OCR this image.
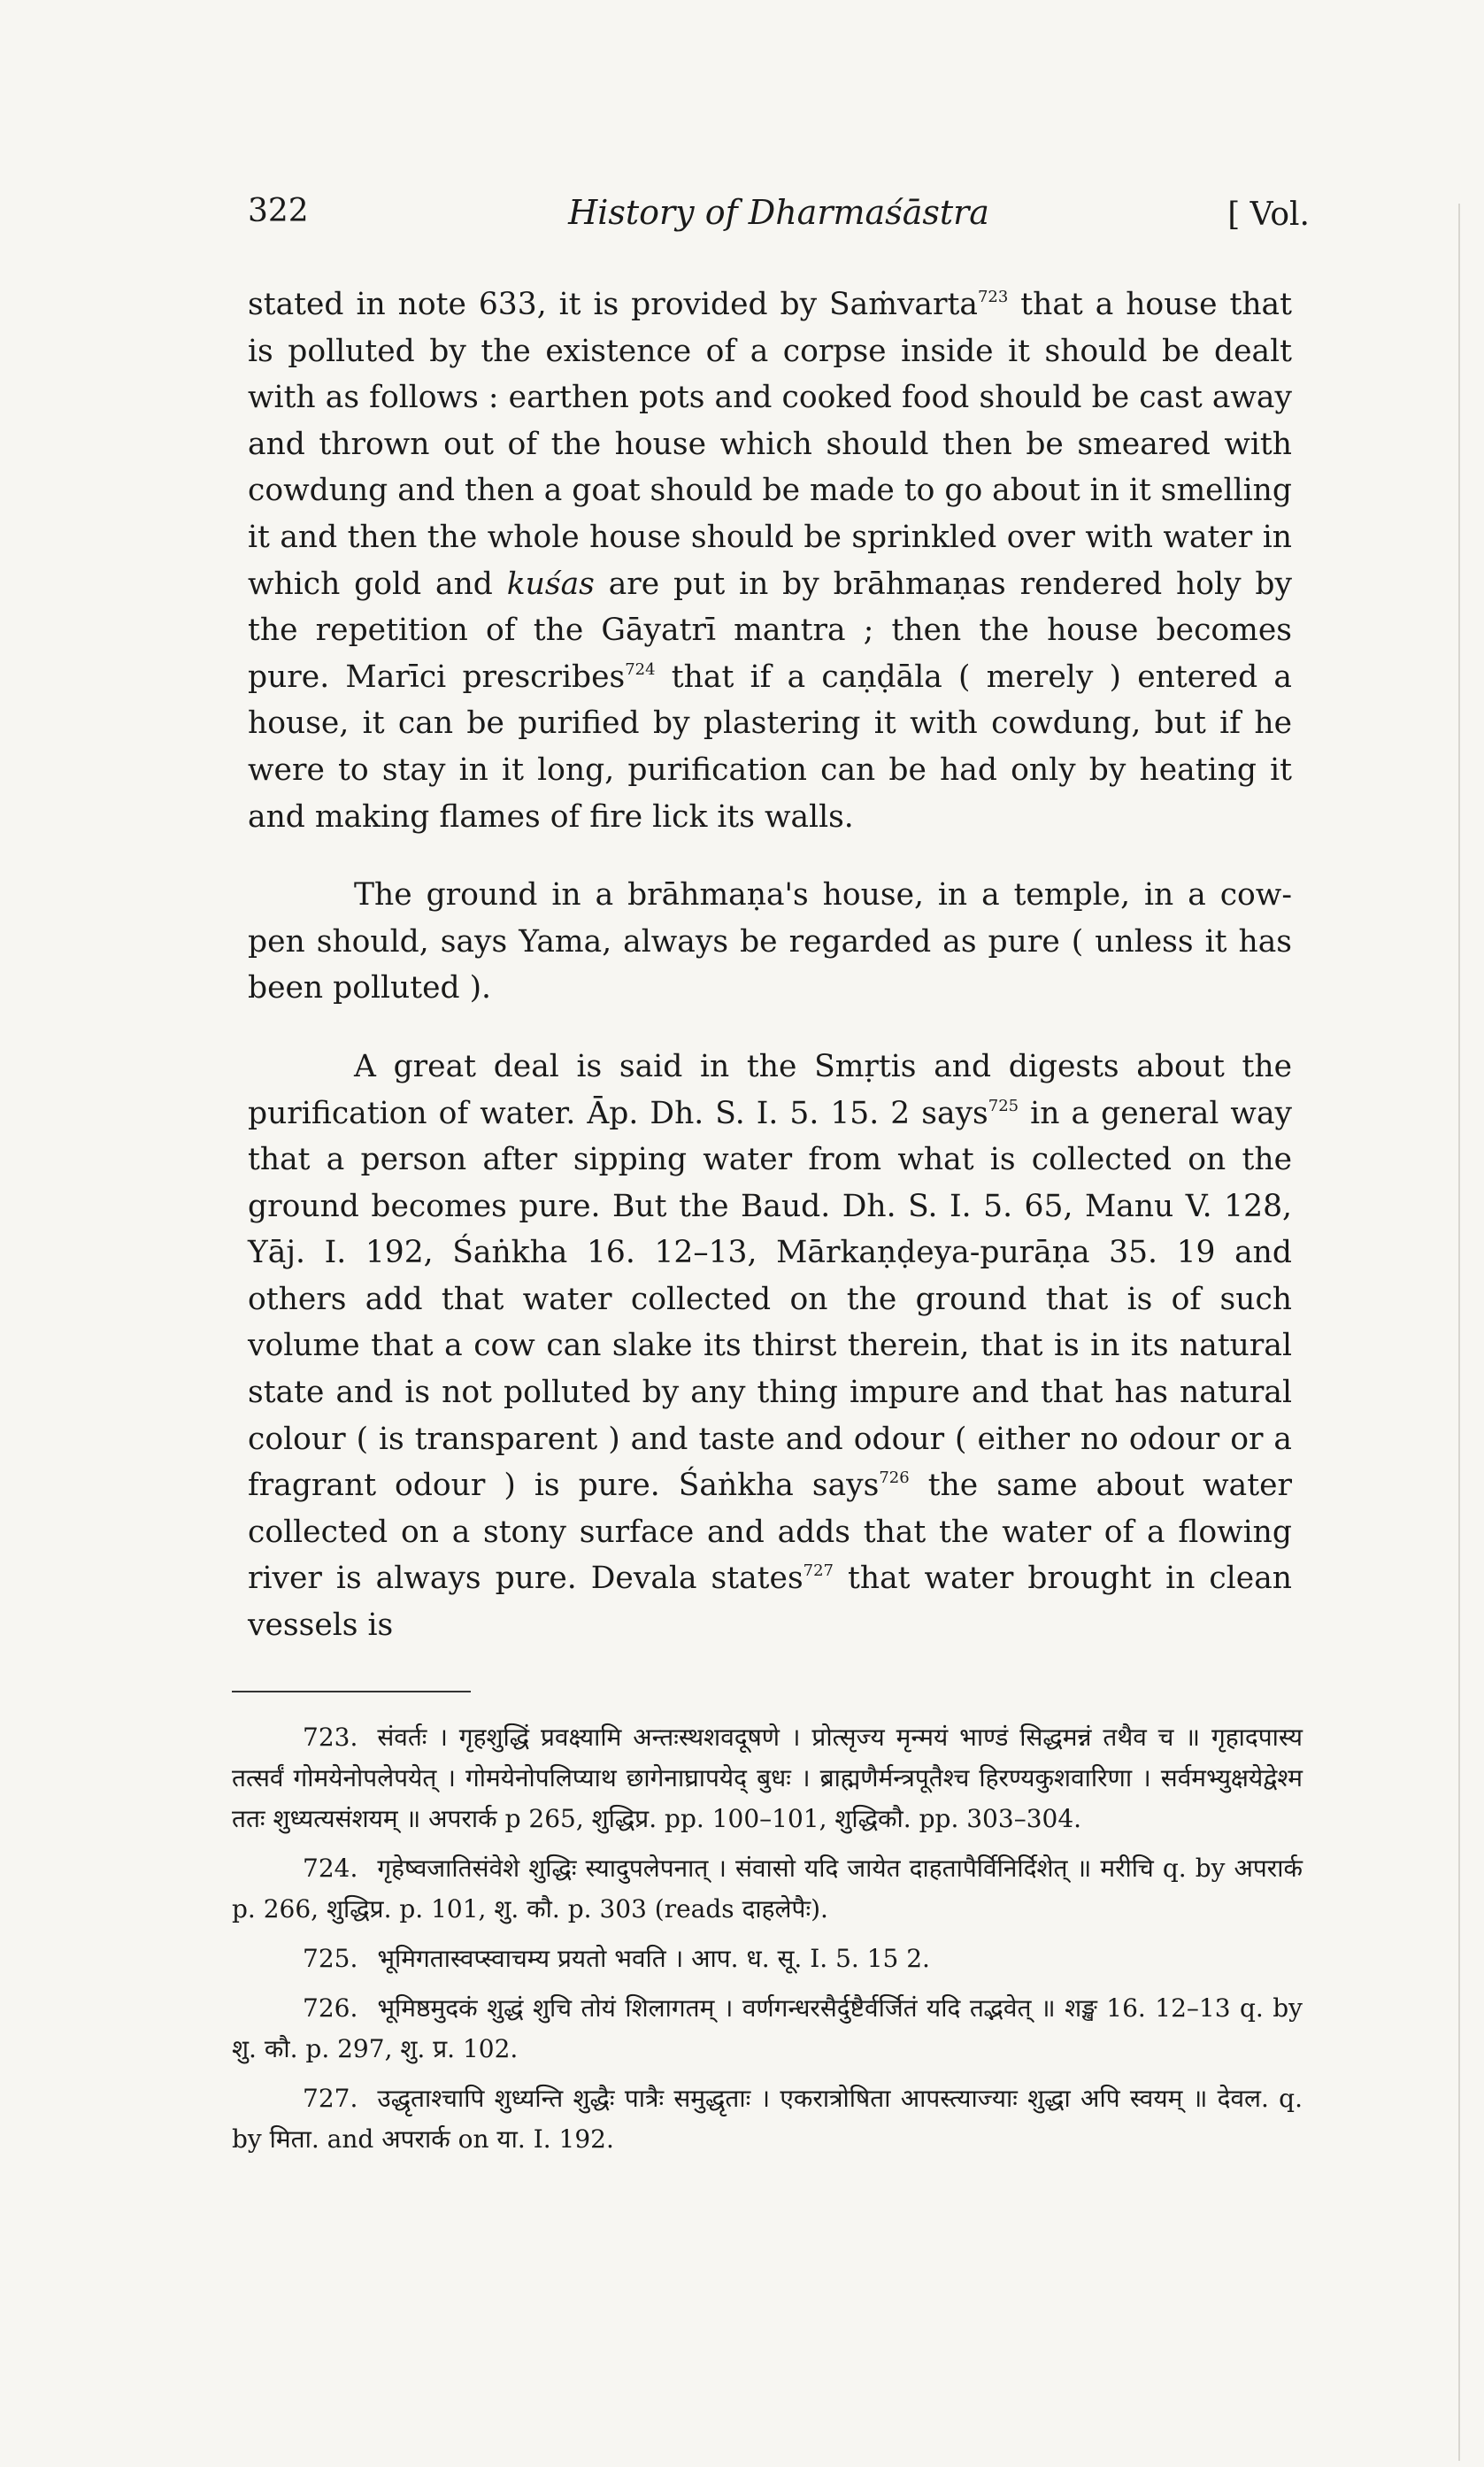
322	History of Dharmaśāstra	[ Vol.

stated in note 633, it is provided by Saṁvarta$^{723}$ that a house that is polluted by the existence of a corpse inside it should be dealt with as follows : earthen pots and cooked food should be cast away and thrown out of the house which should then be smeared with cowdung and then a goat should be made to go about in it smelling it and then the whole house should be sprinkled over with water in which gold and kuśas are put in by brāhmaṇas rendered holy by the repetition of the Gāyatrī mantra ; then the house becomes pure. Marīci prescribes$^{724}$ that if a caṇḍāla ( merely ) entered a house, it can be purified by plastering it with cowdung, but if he were to stay in it long, purification can be had only by heating it and making flames of fire lick its walls.

The ground in a brāhmaṇa's house, in a temple, in a cow-pen should, says Yama, always be regarded as pure ( unless it has been polluted ).

A great deal is said in the Smṛtis and digests about the purification of water. Āp. Dh. S. I. 5. 15. 2 says$^{725}$ in a general way that a person after sipping water from what is collected on the ground becomes pure. But the Baud. Dh. S. I. 5. 65, Manu V. 128, Yāj. I. 192, Śaṅkha 16. 12–13, Mārkaṇḍeya-purāṇa 35. 19 and others add that water collected on the ground that is of such volume that a cow can slake its thirst therein, that is in its natural state and is not polluted by any thing impure and that has natural colour ( is transparent ) and taste and odour ( either no odour or a fragrant odour ) is pure. Śaṅkha says$^{726}$ the same about water collected on a stony surface and adds that the water of a flowing river is always pure. Devala states$^{727}$ that water brought in clean vessels is

723. संवर्तः । गृहशुद्धिं प्रवक्ष्यामि अन्तःस्थशवदूषणे । प्रोत्सृज्य मृन्मयं भाण्डं सिद्धमन्नं तथैव च ॥ गृहादपास्य तत्सर्वं गोमयेनोपलेपयेत् । गोमयेनोपलिप्याथ छागेनाघ्रापयेद् बुधः । ब्राह्मणैर्मन्त्रपूतैश्च हिरण्यकुशवारिणा । सर्वमभ्युक्षयेद्वेश्म ततः शुध्यत्यसंशयम् ॥ अपरार्क p 265, शुद्धिप्र. pp. 100–101, शुद्धिकौ. pp. 303–304.

724. गृहेष्वजातिसंवेशे शुद्धिः स्यादुपलेपनात् । संवासो यदि जायेत दाहतापैर्विनिर्दिशेत् ॥ मरीचि q. by अपरार्क p. 266, शुद्धिप्र. p. 101, शु. कौ. p. 303 (reads दाहलेपैः).

725. भूमिगतास्वप्स्वाचम्य प्रयतो भवति । आप. ध. सू. I. 5. 15 2.

726. भूमिष्ठमुदकं शुद्धं शुचि तोयं शिलागतम् । वर्णगन्धरसैर्दुष्टैर्वर्जितं यदि तद्भवेत् ॥ शङ्ख 16. 12–13 q. by शु. कौ. p. 297, शु. प्र. 102.

727. उद्धृताश्चापि शुध्यन्ति शुद्धैः पात्रैः समुद्धृताः । एकरात्रोषिता आपस्त्याज्याः शुद्धा अपि स्वयम् ॥ देवल. q. by मिता. and अपरार्क on या. I. 192.
